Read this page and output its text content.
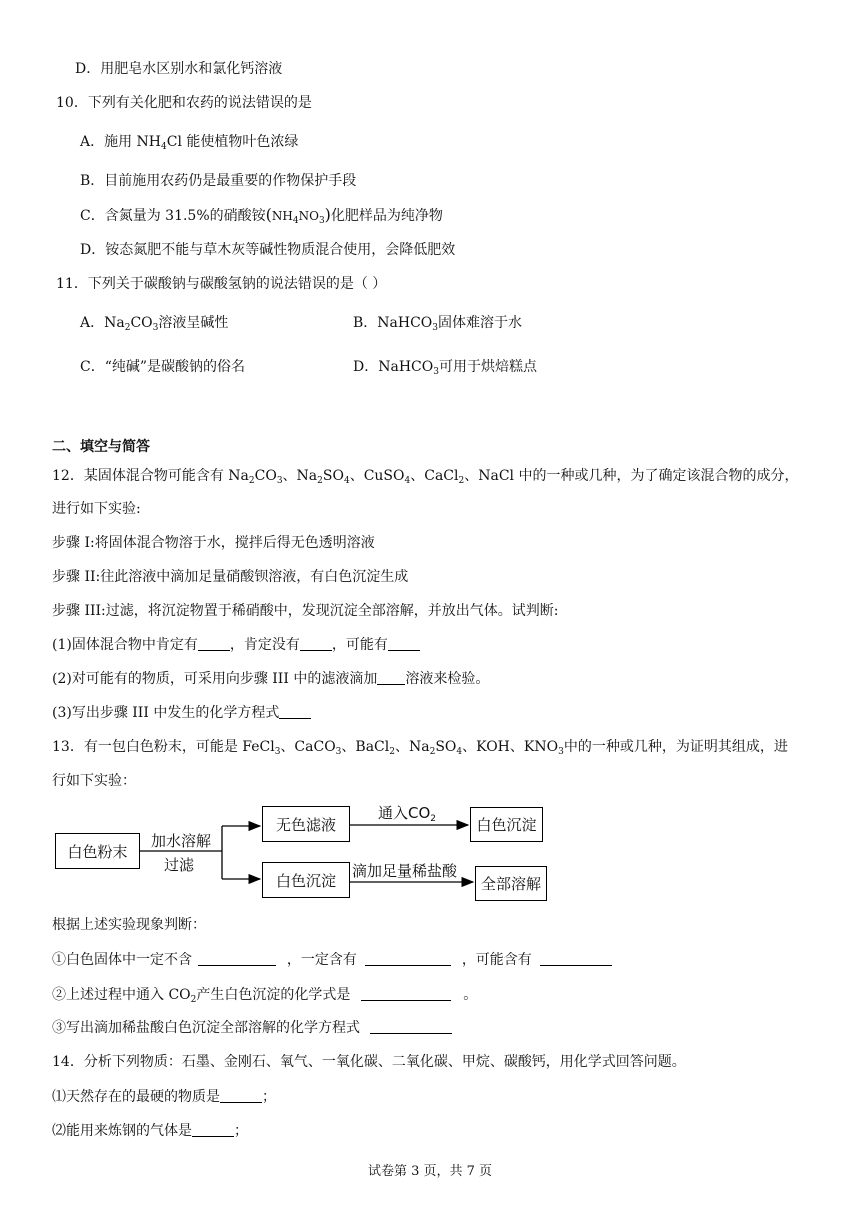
D．用肥皂水区别水和氯化钙溶液
10．下列有关化肥和农药的说法错误的是
A．施用 $NH_4Cl$ 能使植物叶色浓绿
B．目前施用农药仍是最重要的作物保护手段
C．含氮量为 31.5%的硝酸铵$(NH_4NO_3)$化肥样品为纯净物
D．铵态氮肥不能与草木灰等碱性物质混合使用，会降低肥效
11．下列关于碳酸钠与碳酸氢钠的说法错误的是（ ）
A．$Na_2CO_3$溶液呈碱性	B．NaHCO$_3$固体难溶于水
C．“纯碱”是碳酸钠的俗名	D．NaHCO$_3$可用于烘焙糕点
二、填空与简答
12．某固体混合物可能含有 $Na_2CO_3$、$Na_2SO_4$、CuSO$_4$、CaCl$_2$、NaCl 中的一种或几种，为了确定该混合物的成分，
进行如下实验:
步骤 I:将固体混合物溶于水，搅拌后得无色透明溶液
步骤 II:往此溶液中滴加足量硝酸钡溶液，有白色沉淀生成
步骤 III:过滤，将沉淀物置于稀硝酸中，发现沉淀全部溶解，并放出气体。试判断:
(1)固体混合物中肯定有 ，肯定没有 ，可能有
(2)对可能有的物质，可采用向步骤 III 中的滤液滴加 溶液来检验。
(3)写出步骤 III 中发生的化学方程式
13．有一包白色粉末，可能是 FeCl$_3$、CaCO$_3$、BaCl$_2$、$Na_2SO_4$、KOH、$KNO_3$中的一种或几种，为证明其组成，进
行如下实验：
白色粉末
加水溶解
过滤
无色滤液
通入$CO_2$	白色沉淀
白色沉淀
滴加足量稀盐酸
全部溶解
根据上述实验现象判断：
①白色固体中一定不含	，一定含有	，可能含有
②上述过程中通入 $CO_2$产生白色沉淀的化学式是	。
③写出滴加稀盐酸白色沉淀全部溶解的化学方程式
14．分析下列物质：石墨、金刚石、氧气、一氧化碳、二氧化碳、甲烷、碳酸钙，用化学式回答问题。
⑴天然存在的最硬的物质是	；
⑵能用来炼钢的气体是	；
试卷第 3 页，共 7 页
